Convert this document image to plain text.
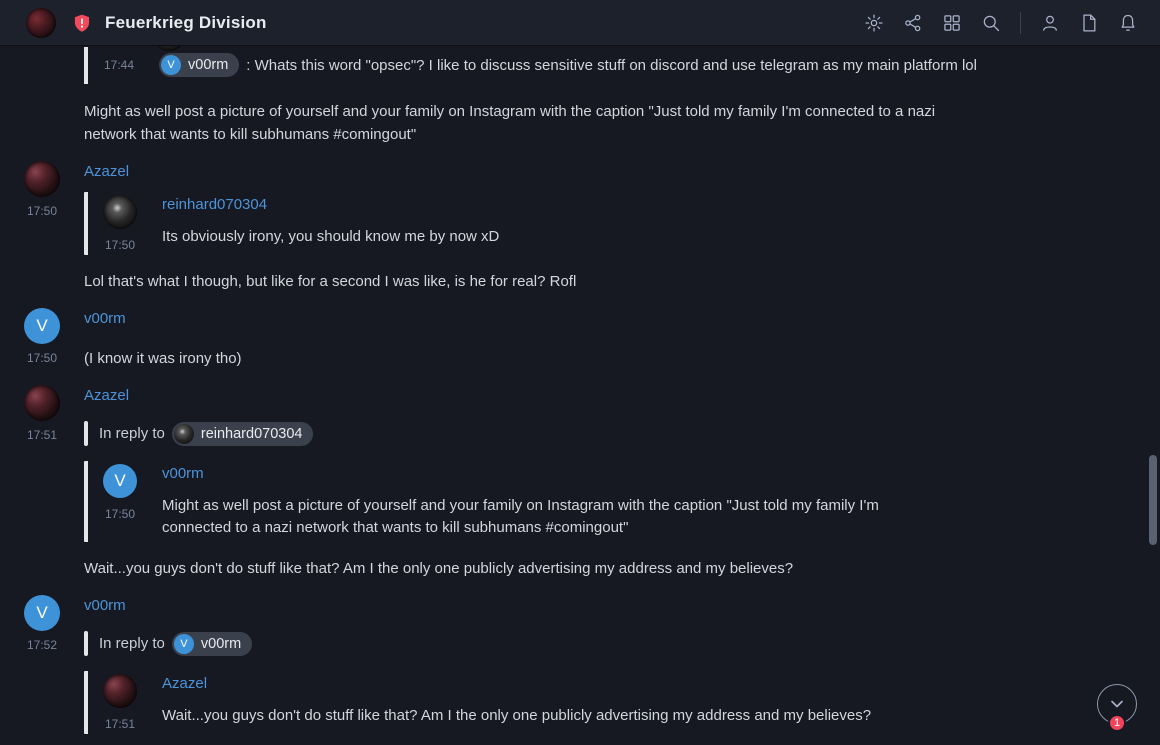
Feuerkrieg Division
17:44	V v00rm : Whats this word "opsec"? I like to discuss sensitive stuff on discord and use telegram as my main platform lol
Might as well post a picture of yourself and your family on Instagram with the caption "Just told my family I'm connected to a nazi network that wants to kill subhumans #comingout"
17:50
Azazel

17:50
reinhard070304
Its obviously irony, you should know me by now xD
Lol that's what I though, but like for a second I was like, is he for real? Rofl
V
17:50
v00rm

(I know it was irony tho)
17:51
Azazel

In reply to reinhard070304
V
17:50
v00rm
Might as well post a picture of yourself and your family on Instagram with the caption "Just told my family I'm connected to a nazi network that wants to kill subhumans #comingout"
Wait...you guys don't do stuff like that? Am I the only one publicly advertising my address and my believes?
V
17:52
v00rm

In reply to	V v00rm
17:51
Azazel
Wait...you guys don't do stuff like that? Am I the only one publicly advertising my address and my believes?	1
